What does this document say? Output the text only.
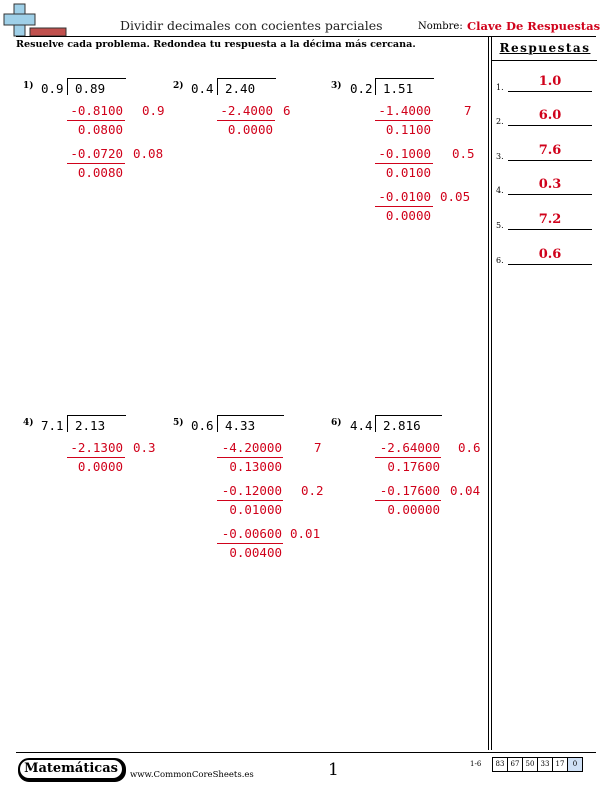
Dividir decimales con cocientes parciales	Nombre: Clave De Respuestas
Resuelve cada problema. Redondea tu respuesta a la décima más cercana.	Respuestas
1.	1.0
2.	6.0
3.	7.6
4.	0.3
5.	7.2
6.	0.6
1) 0.9 0.89
-0.8100 0.9
0.0800
-0.0720 0.08
0.0080
2) 0.4 2.40
-2.4000 6
0.0000
3) 0.2 1.51
-1.4000	7
0.1100
-0.1000 0.5
0.0100
-0.0100 0.05
0.0000
4) 7.1 2.13
-2.1300 0.3
0.0000
5) 0.6 4.33
-4.20000	7
0.13000
-0.12000 0.2
0.01000
-0.00600 0.01
0.00400
6) 4.4 2.816
-2.64000 0.6
0.17600
-0.17600 0.04
0.00000
Matemáticas	www.CommonCoreSheets.es	1	1-6	83 67 50 33 17	0
